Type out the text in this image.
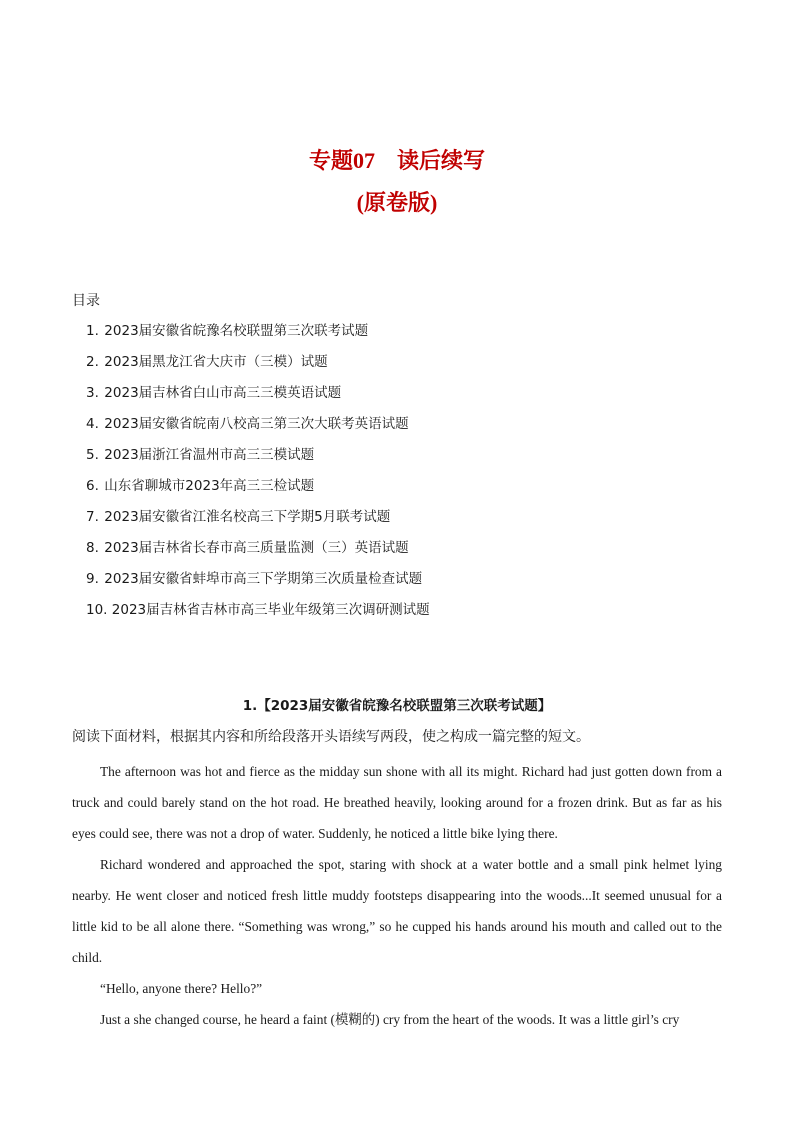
专题07　读后续写
(原卷版)
目录
1. 2023届安徽省皖豫名校联盟第三次联考试题
2. 2023届黑龙江省大庆市（三模）试题
3. 2023届吉林省白山市高三三模英语试题
4. 2023届安徽省皖南八校高三第三次大联考英语试题
5. 2023届浙江省温州市高三三模试题
6. 山东省聊城市2023年高三三检试题
7. 2023届安徽省江淮名校高三下学期5月联考试题
8. 2023届吉林省长春市高三质量监测（三）英语试题
9. 2023届安徽省蚌埠市高三下学期第三次质量检查试题
10. 2023届吉林省吉林市高三毕业年级第三次调研测试题
1.【2023届安徽省皖豫名校联盟第三次联考试题】
阅读下面材料，根据其内容和所给段落开头语续写两段，使之构成一篇完整的短文。

The afternoon was hot and fierce as the midday sun shone with all its might. Richard had just gotten down from a truck and could barely stand on the hot road. He breathed heavily, looking around for a frozen drink. But as far as his eyes could see, there was not a drop of water. Suddenly, he noticed a little bike lying there.

Richard wondered and approached the spot, staring with shock at a water bottle and a small pink helmet lying nearby. He went closer and noticed fresh little muddy footsteps disappearing into the woods...It seemed unusual for a little kid to be all alone there. “Something was wrong,” so he cupped his hands around his mouth and called out to the child.

“Hello, anyone there? Hello?”

Just a she changed course, he heard a faint (模糊的) cry from the heart of the woods. It was a little girl’s cry
